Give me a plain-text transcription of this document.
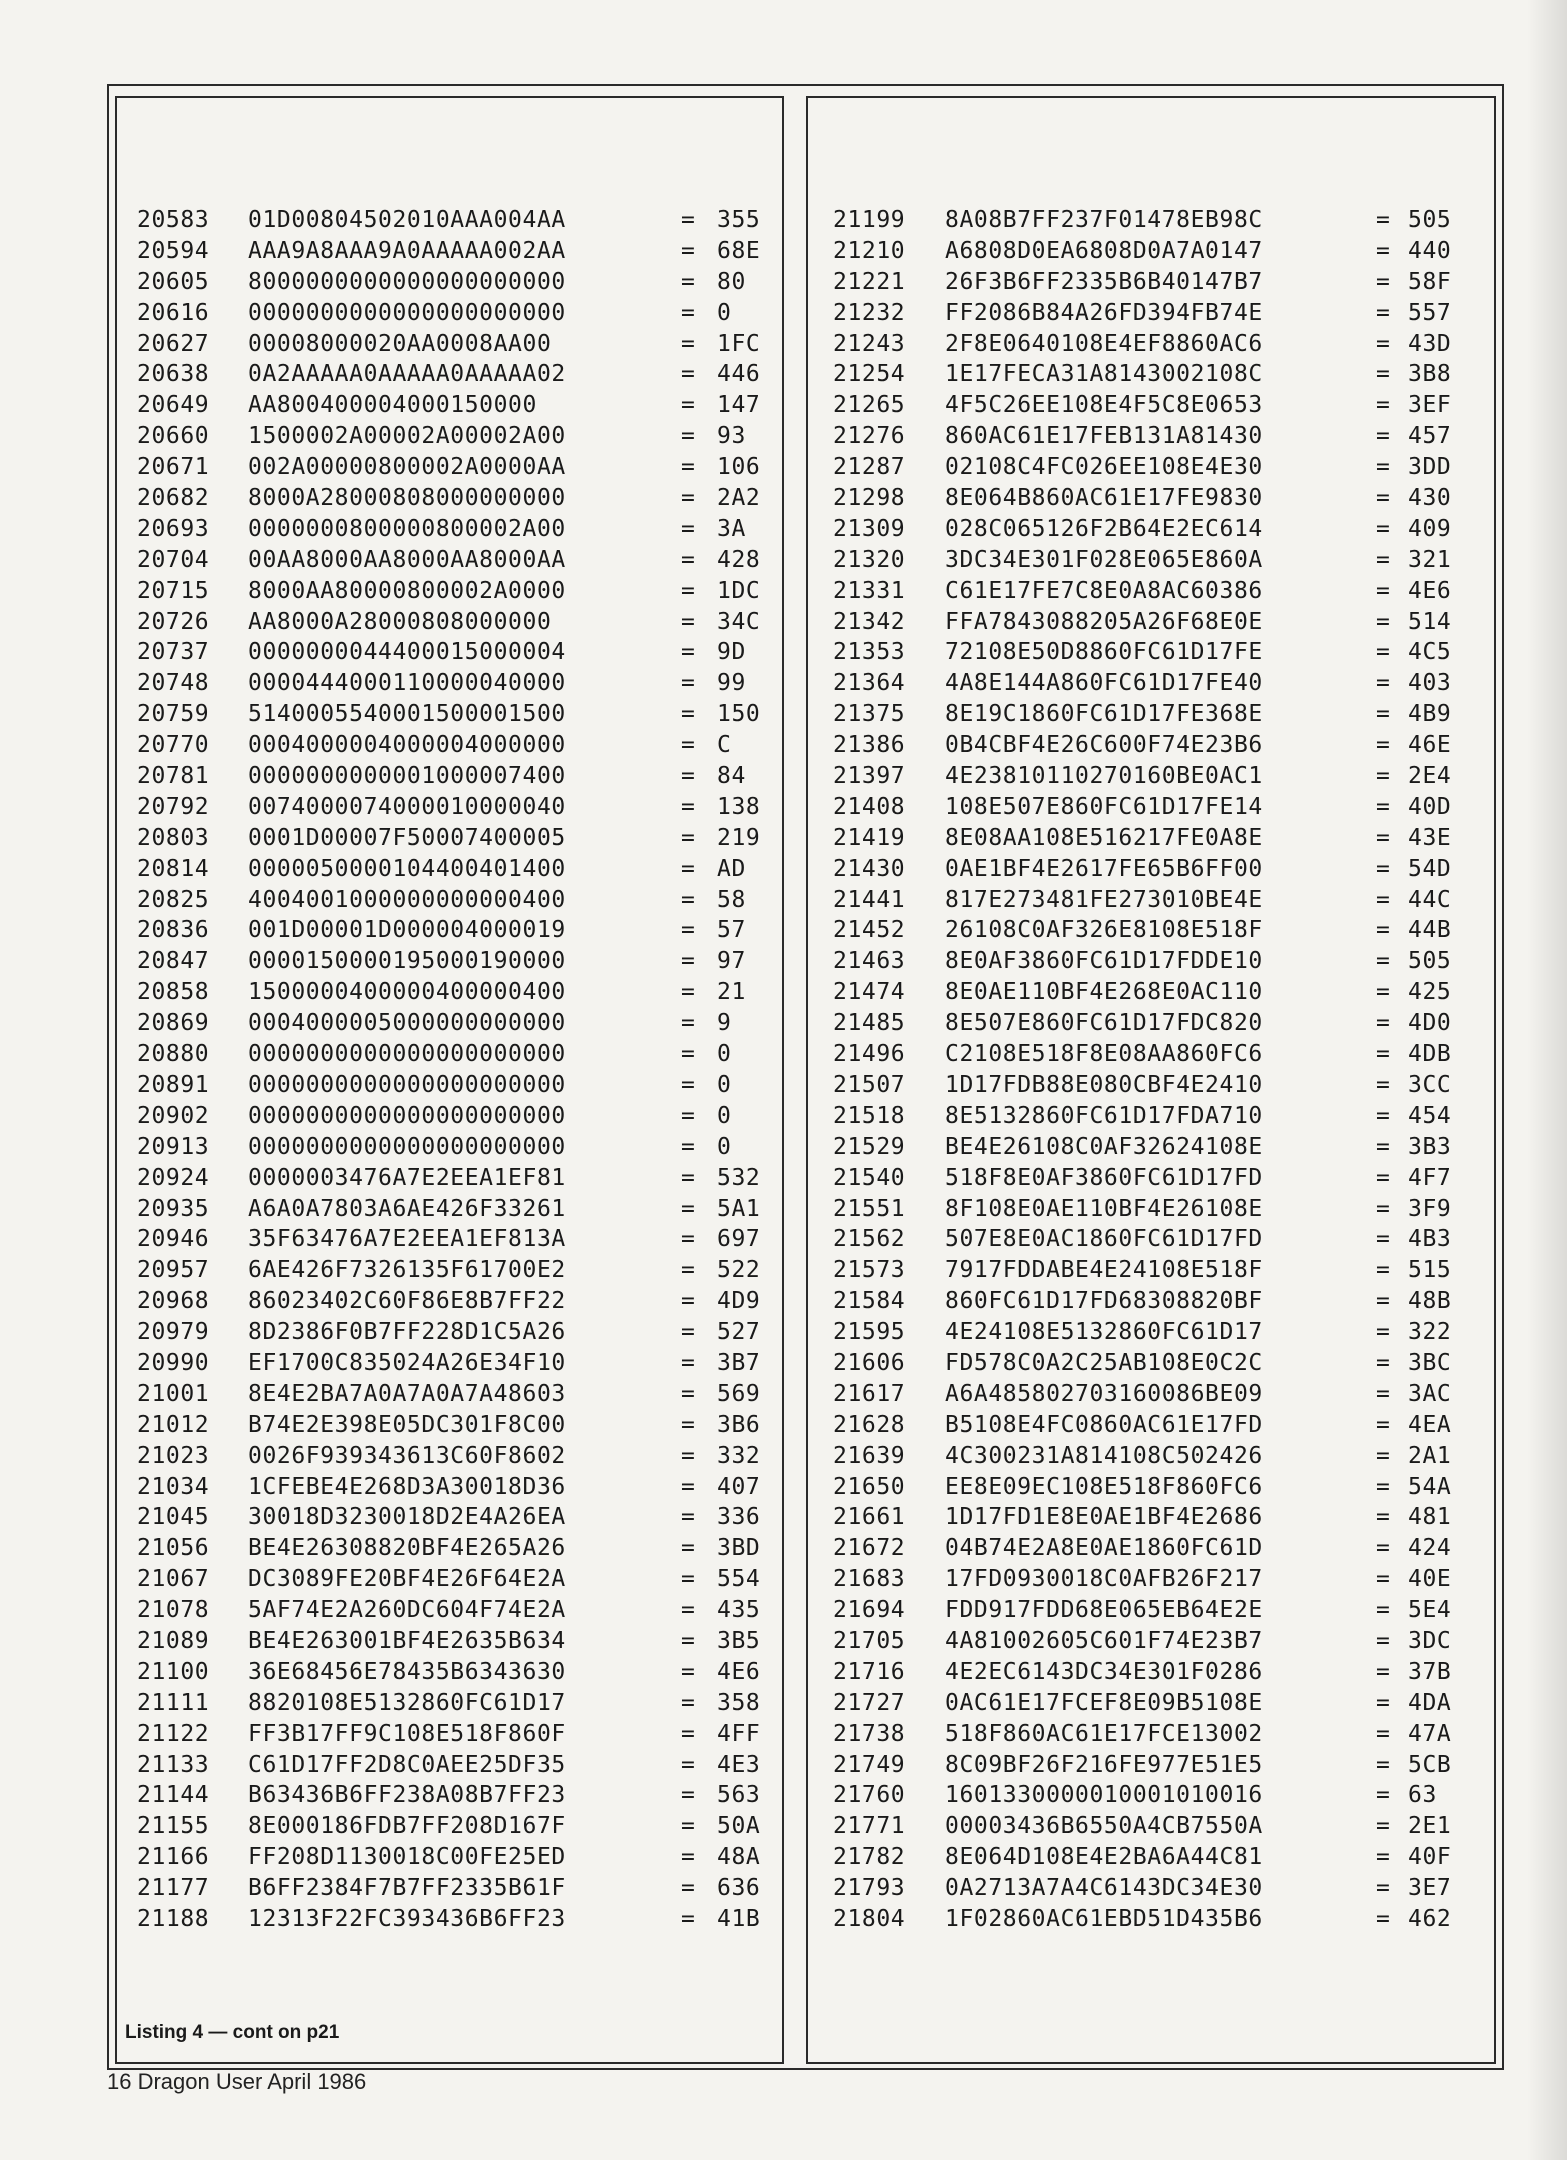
20583 01D00804502010AAA004AA	= 355
20594 AAA9A8AAA9A0AAAAA002AA	= 68E
20605 8000000000000000000000	= 80
20616 0000000000000000000000	= 0
20627 00008000020AA0008AA00	= 1FC
20638 0A2AAAAA0AAAAA0AAAAA02	= 446
20649 AA800400004000150000	= 147
20660 1500002A00002A00002A00	= 93
20671 002A00000800002A0000AA	= 106
20682 8000A28000808000000000	= 2A2
20693 0000000800000800002A00	= 3A
20704 00AA8000AA8000AA8000AA	= 428
20715 8000AA80000800002A0000	= 1DC
20726 AA8000A28000808000000	= 34C
20737 0000000044400015000004	= 9D
20748 0000444000110000040000	= 99
20759 5140005540001500001500	= 150
20770 0004000004000004000000	= C
20781 0000000000001000007400	= 84
20792 0074000074000010000040	= 138
20803 0001D00007F50007400005	= 219
20814 0000050000104400401400	= AD
20825 4004001000000000000400	= 58
20836 001D00001D000004000019	= 57
20847 0000150000195000190000	= 97
20858 1500000400000400000400	= 21
20869 0004000005000000000000	= 9
20880 0000000000000000000000	= 0
20891 0000000000000000000000	= 0
20902 0000000000000000000000	= 0
20913 0000000000000000000000	= 0
20924 0000003476A7E2EEA1EF81	= 532
20935 A6A0A7803A6AE426F33261	= 5A1
20946 35F63476A7E2EEA1EF813A	= 697
20957 6AE426F7326135F61700E2	= 522
20968 86023402C60F86E8B7FF22	= 4D9
20979 8D2386F0B7FF228D1C5A26	= 527
20990 EF1700C835024A26E34F10	= 3B7
21001 8E4E2BA7A0A7A0A7A48603	= 569
21012 B74E2E398E05DC301F8C00	= 3B6
21023 0026F939343613C60F8602	= 332
21034 1CFEBE4E268D3A30018D36	= 407
21045 30018D3230018D2E4A26EA	= 336
21056 BE4E26308820BF4E265A26	= 3BD
21067 DC3089FE20BF4E26F64E2A	= 554
21078 5AF74E2A260DC604F74E2A	= 435
21089 BE4E263001BF4E2635B634	= 3B5
21100 36E68456E78435B6343630	= 4E6
21111 8820108E5132860FC61D17	= 358
21122 FF3B17FF9C108E518F860F	= 4FF
21133 C61D17FF2D8C0AEE25DF35	= 4E3
21144 B63436B6FF238A08B7FF23	= 563
21155 8E000186FDB7FF208D167F	= 50A
21166 FF208D1130018C00FE25ED	= 48A
21177 B6FF2384F7B7FF2335B61F	= 636
21188 12313F22FC393436B6FF23	= 41B
Listing 4 — cont on p21
21199 8A08B7FF237F01478EB98C	= 505
21210 A6808D0EA6808D0A7A0147	= 440
21221 26F3B6FF2335B6B40147B7	= 58F
21232 FF2086B84A26FD394FB74E	= 557
21243 2F8E0640108E4EF8860AC6	= 43D
21254 1E17FECA31A8143002108C	= 3B8
21265 4F5C26EE108E4F5C8E0653	= 3EF
21276 860AC61E17FEB131A81430	= 457
21287 02108C4FC026EE108E4E30	= 3DD
21298 8E064B860AC61E17FE9830	= 430
21309 028C065126F2B64E2EC614	= 409
21320 3DC34E301F028E065E860A	= 321
21331 C61E17FE7C8E0A8AC60386	= 4E6
21342 FFA7843088205A26F68E0E	= 514
21353 72108E50D8860FC61D17FE	= 4C5
21364 4A8E144A860FC61D17FE40	= 403
21375 8E19C1860FC61D17FE368E	= 4B9
21386 0B4CBF4E26C600F74E23B6	= 46E
21397 4E23810110270160BE0AC1	= 2E4
21408 108E507E860FC61D17FE14	= 40D
21419 8E08AA108E516217FE0A8E	= 43E
21430 0AE1BF4E2617FE65B6FF00	= 54D
21441 817E273481FE273010BE4E	= 44C
21452 26108C0AF326E8108E518F	= 44B
21463 8E0AF3860FC61D17FDDE10	= 505
21474 8E0AE110BF4E268E0AC110	= 425
21485 8E507E860FC61D17FDC820	= 4D0
21496 C2108E518F8E08AA860FC6	= 4DB
21507 1D17FDB88E080CBF4E2410	= 3CC
21518 8E5132860FC61D17FDA710	= 454
21529 BE4E26108C0AF32624108E	= 3B3
21540 518F8E0AF3860FC61D17FD	= 4F7
21551 8F108E0AE110BF4E26108E	= 3F9
21562 507E8E0AC1860FC61D17FD	= 4B3
21573 7917FDDABE4E24108E518F	= 515
21584 860FC61D17FD68308820BF	= 48B
21595 4E24108E5132860FC61D17	= 322
21606 FD578C0A2C25AB108E0C2C	= 3BC
21617 A6A485802703160086BE09	= 3AC
21628 B5108E4FC0860AC61E17FD	= 4EA
21639 4C300231A814108C502426	= 2A1
21650 EE8E09EC108E518F860FC6	= 54A
21661 1D17FD1E8E0AE1BF4E2686	= 481
21672 04B74E2A8E0AE1860FC61D	= 424
21683 17FD0930018C0AFB26F217	= 40E
21694 FDD917FDD68E065EB64E2E	= 5E4
21705 4A81002605C601F74E23B7	= 3DC
21716 4E2EC6143DC34E301F0286	= 37B
21727 0AC61E17FCEF8E09B5108E	= 4DA
21738 518F860AC61E17FCE13002	= 47A
21749 8C09BF26F216FE977E51E5	= 5CB
21760 1601330000010001010016	= 63
21771 00003436B6550A4CB7550A	= 2E1
21782 8E064D108E4E2BA6A44C81	= 40F
21793 0A2713A7A4C6143DC34E30	= 3E7
21804 1F02860AC61EBD51D435B6	= 462
16 Dragon User April 1986
